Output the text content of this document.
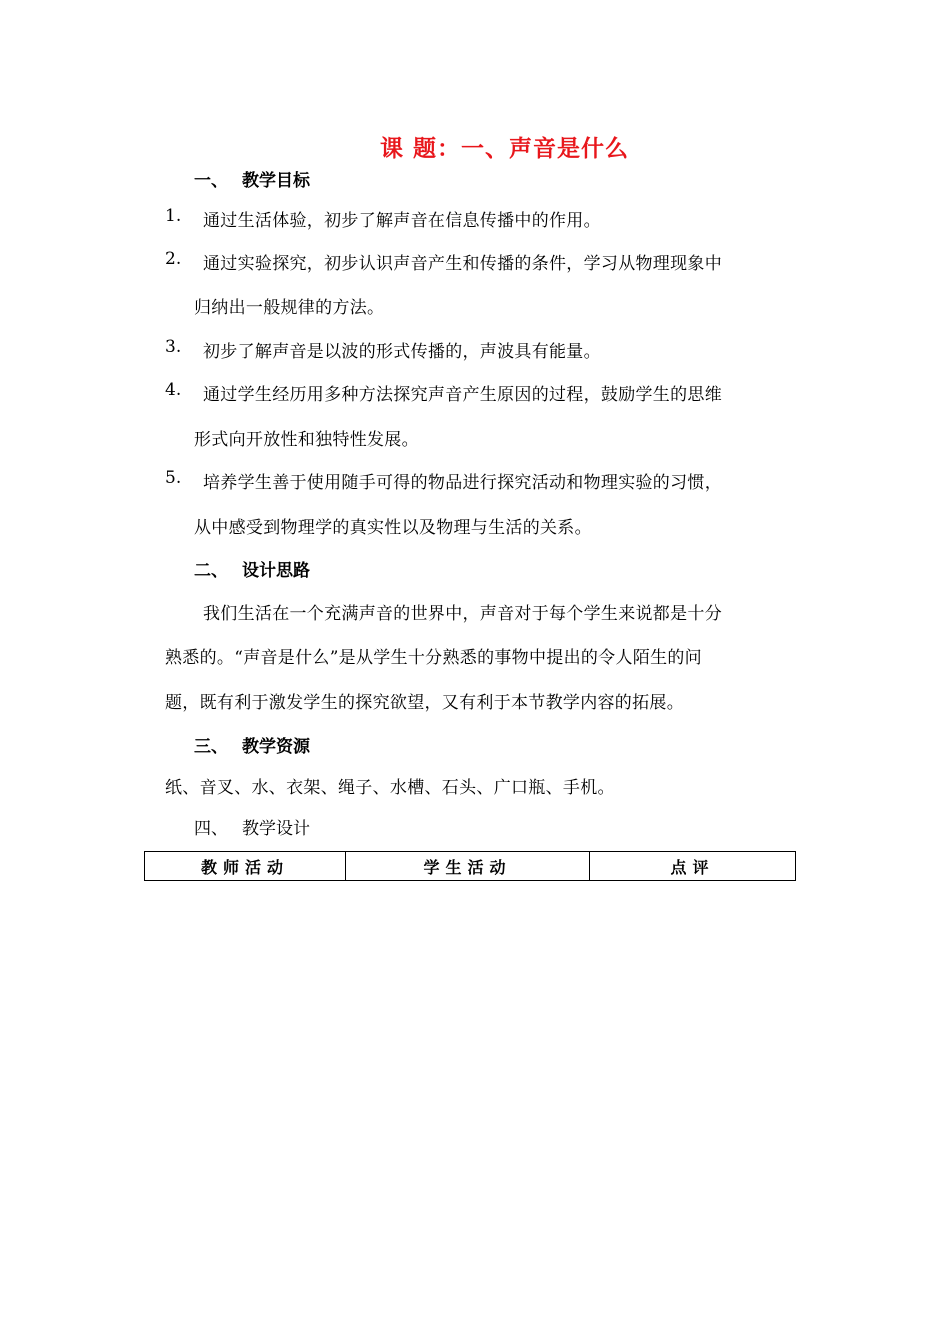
课 题：一、声音是什么
一、 教学目标
1. 通过生活体验，初步了解声音在信息传播中的作用。
2. 通过实验探究，初步认识声音产生和传播的条件，学习从物理现象中
归纳出一般规律的方法。
3. 初步了解声音是以波的形式传播的，声波具有能量。
4. 通过学生经历用多种方法探究声音产生原因的过程，鼓励学生的思维
形式向开放性和独特性发展。
5. 培养学生善于使用随手可得的物品进行探究活动和物理实验的习惯，
从中感受到物理学的真实性以及物理与生活的关系。
二、 设计思路
我们生活在一个充满声音的世界中，声音对于每个学生来说都是十分
熟悉的。“声音是什么”是从学生十分熟悉的事物中提出的令人陌生的问
题，既有利于激发学生的探究欲望，又有利于本节教学内容的拓展。
三、 教学资源
纸、音叉、水、衣架、绳子、水槽、石头、广口瓶、手机。
四、 教学设计
教师活动	学生活动	点评
